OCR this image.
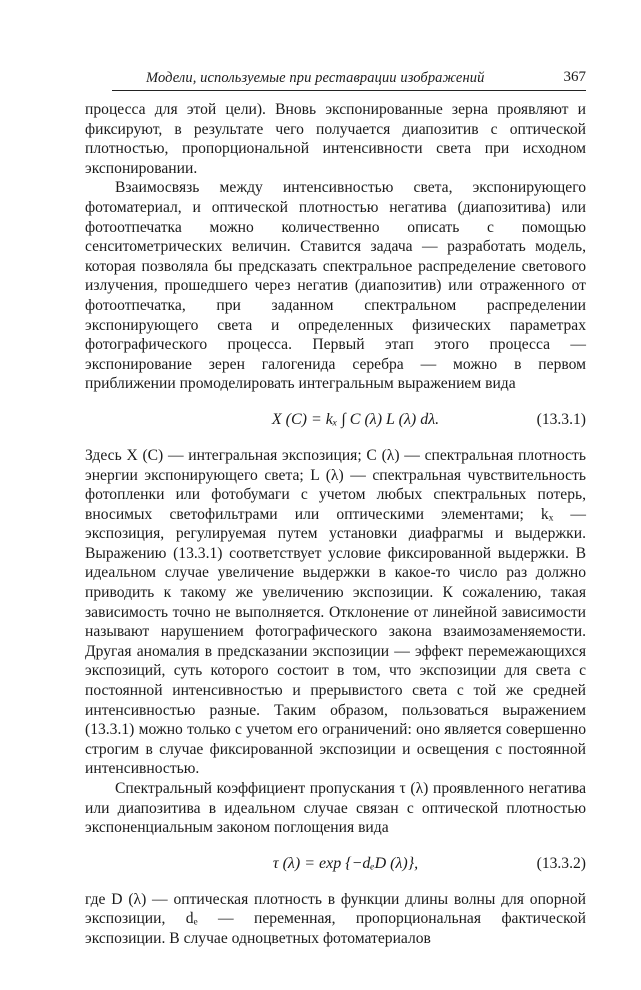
Модели, используемые при реставрации изображений	367

процесса для этой цели). Вновь экспонированные зерна проявляют и фиксируют, в результате чего получается диапозитив с оптической плотностью, пропорциональной интенсивности света при исходном экспонировании.

Взаимосвязь между интенсивностью света, экспонирующего фотоматериал, и оптической плотностью негатива (диапозитива) или фотоотпечатка можно количественно описать с помощью сенситометрических величин. Ставится задача — разработать модель, которая позволяла бы предсказать спектральное распределение светового излучения, прошедшего через негатив (диапозитив) или отраженного от фотоотпечатка, при заданном спектральном распределении экспонирующего света и определенных физических параметрах фотографического процесса. Первый этап этого процесса — экспонирование зерен галогенида серебра — можно в первом приближении промоделировать интегральным выражением вида

X (C) = kₓ ∫ C (λ) L (λ) dλ.	(13.3.1)

Здесь X (C) — интегральная экспозиция; C (λ) — спектральная плотность энергии экспонирующего света; L (λ) — спектральная чувствительность фотопленки или фотобумаги с учетом любых спектральных потерь, вносимых светофильтрами или оптическими элементами; kₓ — экспозиция, регулируемая путем установки диафрагмы и выдержки. Выражению (13.3.1) соответствует условие фиксированной выдержки. В идеальном случае увеличение выдержки в какое-то число раз должно приводить к такому же увеличению экспозиции. К сожалению, такая зависимость точно не выполняется. Отклонение от линейной зависимости называют нарушением фотографического закона взаимозаменяемости. Другая аномалия в предсказании экспозиции — эффект перемежающихся экспозиций, суть которого состоит в том, что экспозиции для света с постоянной интенсивностью и прерывистого света с той же средней интенсивностью разные. Таким образом, пользоваться выражением (13.3.1) можно только с учетом его ограничений: оно является совершенно строгим в случае фиксированной экспозиции и освещения с постоянной интенсивностью.

Спектральный коэффициент пропускания τ (λ) проявленного негатива или диапозитива в идеальном случае связан с оптической плотностью экспоненциальным законом поглощения вида

τ (λ) = exp {−dₑD (λ)},	(13.3.2)

где D (λ) — оптическая плотность в функции длины волны для опорной экспозиции, dₑ — переменная, пропорциональная фактической экспозиции. В случае одноцветных фотоматериалов
